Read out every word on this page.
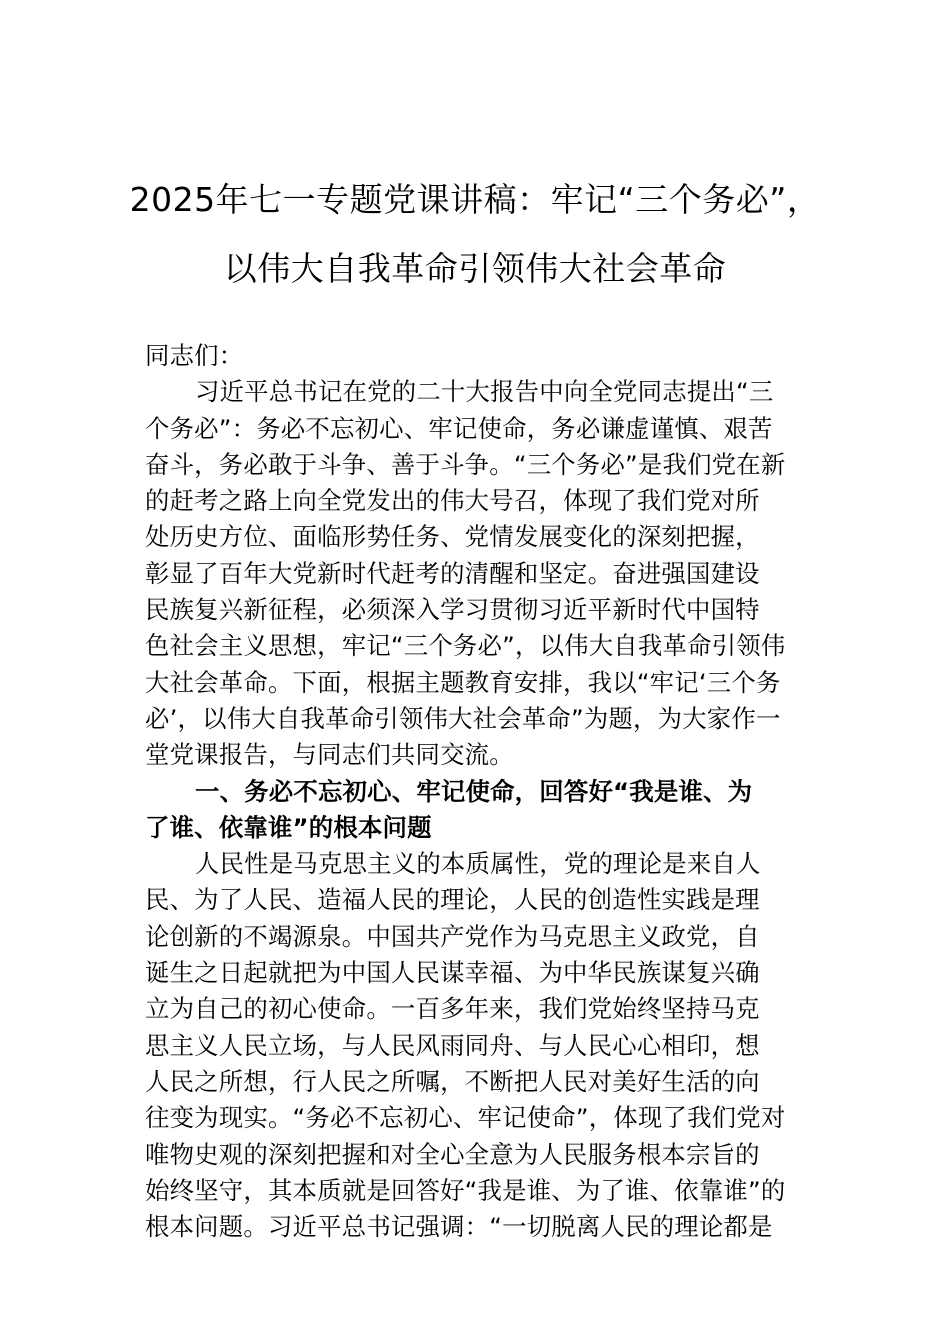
2025年七一专题党课讲稿：牢记“三个务必”，
以伟大自我革命引领伟大社会革命
同志们：
习近平总书记在党的二十大报告中向全党同志提出“三
个务必”：务必不忘初心、牢记使命，务必谦虚谨慎、艰苦
奋斗，务必敢于斗争、善于斗争。“三个务必”是我们党在新
的赶考之路上向全党发出的伟大号召，体现了我们党对所
处历史方位、面临形势任务、党情发展变化的深刻把握，
彰显了百年大党新时代赶考的清醒和坚定。奋进强国建设
民族复兴新征程，必须深入学习贯彻习近平新时代中国特
色社会主义思想，牢记“三个务必”，以伟大自我革命引领伟
大社会革命。下面，根据主题教育安排，我以“牢记‘三个务
必’，以伟大自我革命引领伟大社会革命”为题，为大家作一
堂党课报告，与同志们共同交流。
一、务必不忘初心、牢记使命，回答好“我是谁、为
了谁、依靠谁”的根本问题
人民性是马克思主义的本质属性，党的理论是来自人
民、为了人民、造福人民的理论，人民的创造性实践是理
论创新的不竭源泉。中国共产党作为马克思主义政党，自
诞生之日起就把为中国人民谋幸福、为中华民族谋复兴确
立为自己的初心使命。一百多年来，我们党始终坚持马克
思主义人民立场，与人民风雨同舟、与人民心心相印，想
人民之所想，行人民之所嘱，不断把人民对美好生活的向
往变为现实。“务必不忘初心、牢记使命”，体现了我们党对
唯物史观的深刻把握和对全心全意为人民服务根本宗旨的
始终坚守，其本质就是回答好“我是谁、为了谁、依靠谁”的
根本问题。习近平总书记强调：“一切脱离人民的理论都是
